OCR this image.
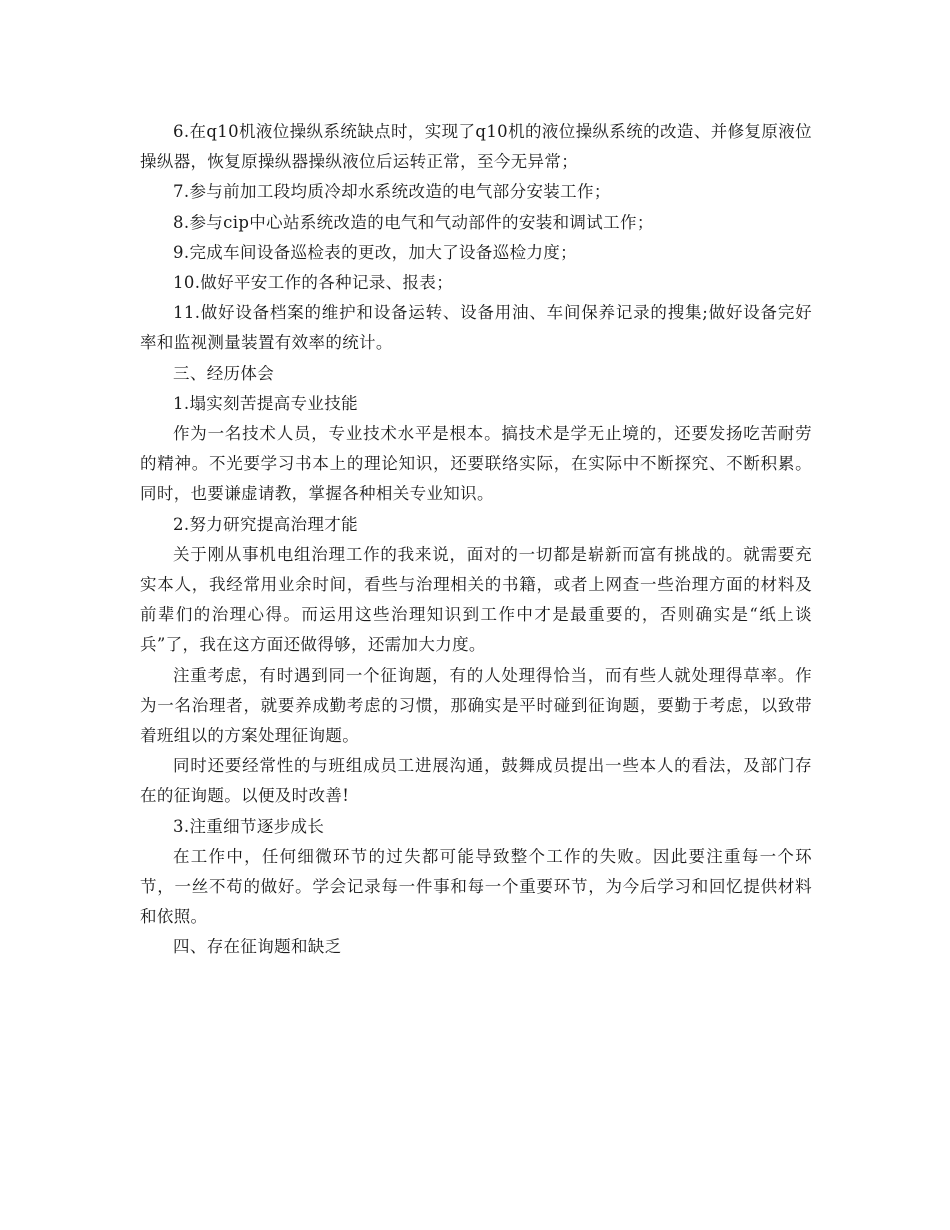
6.在q10机液位操纵系统缺点时，实现了q10机的液位操纵系统的改造、并修复原液位操纵器，恢复原操纵器操纵液位后运转正常，至今无异常；

7.参与前加工段均质冷却水系统改造的电气部分安装工作；

8.参与cip中心站系统改造的电气和气动部件的安装和调试工作；

9.完成车间设备巡检表的更改，加大了设备巡检力度；

10.做好平安工作的各种记录、报表；

11.做好设备档案的维护和设备运转、设备用油、车间保养记录的搜集;做好设备完好率和监视测量装置有效率的统计。

三、经历体会

1.塌实刻苦提高专业技能

作为一名技术人员，专业技术水平是根本。搞技术是学无止境的，还要发扬吃苦耐劳的精神。不光要学习书本上的理论知识，还要联络实际，在实际中不断探究、不断积累。同时，也要谦虚请教，掌握各种相关专业知识。

2.努力研究提高治理才能

关于刚从事机电组治理工作的我来说，面对的一切都是崭新而富有挑战的。就需要充实本人，我经常用业余时间，看些与治理相关的书籍，或者上网查一些治理方面的材料及前辈们的治理心得。而运用这些治理知识到工作中才是最重要的，否则确实是“纸上谈兵”了，我在这方面还做得够，还需加大力度。

注重考虑，有时遇到同一个征询题，有的人处理得恰当，而有些人就处理得草率。作为一名治理者，就要养成勤考虑的习惯，那确实是平时碰到征询题，要勤于考虑，以致带着班组以的方案处理征询题。

同时还要经常性的与班组成员工进展沟通，鼓舞成员提出一些本人的看法，及部门存在的征询题。以便及时改善!

3.注重细节逐步成长

在工作中，任何细微环节的过失都可能导致整个工作的失败。因此要注重每一个环节，一丝不苟的做好。学会记录每一件事和每一个重要环节，为今后学习和回忆提供材料和依照。

四、存在征询题和缺乏
